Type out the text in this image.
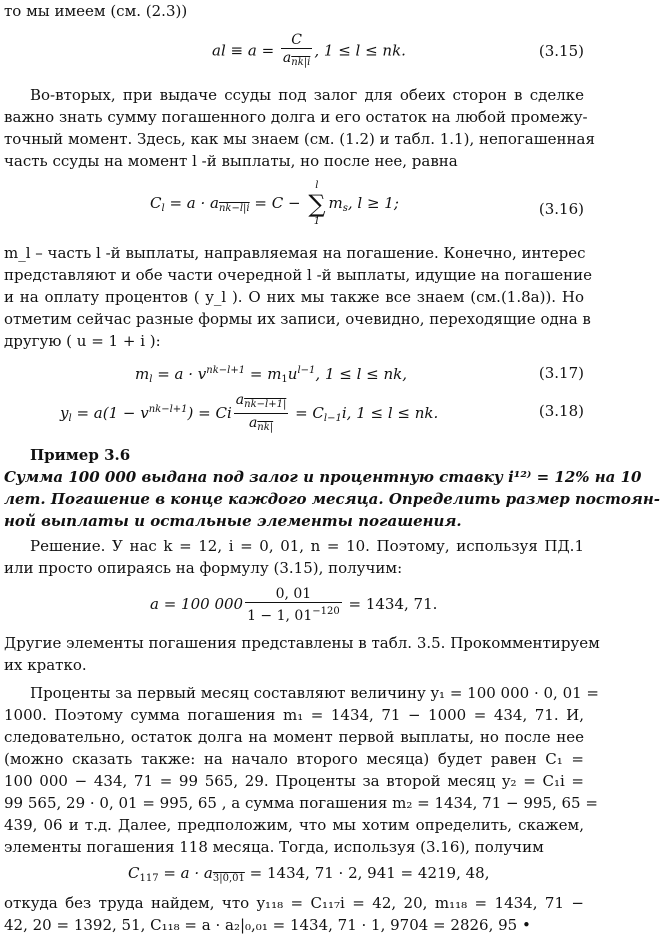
то мы имеем (см. (2.3))
al ≡ $a = \frac{C}{a_{nk|i}}$ , 1 ≤ l ≤ nk.	(3.15)
Во-вторых, при выдаче ссуды под залог для обеих сторон в сделке
важно знать сумму погашенного долга и его остаток на любой промежу-
точный момент. Здесь, как мы знаем (см. (1.2) и табл. 1.1), непогашенная
часть ссуды на момент l -й выплаты, но после нее, равна
$C_l = a \cdot a_{nk-l|i} = C$ −
l
∑
1
$m_s$, l ≥ 1;	(3.16)
m_l – часть l -й выплаты, направляемая на погашение. Конечно, интерес
представляют и обе части очередной l -й выплаты, идущие на погашение
и на оплату процентов ( y_l ). О них мы также все знаем (см.(1.8а)). Но
отметим сейчас разные формы их записи, очевидно, переходящие одна в
другую ( u = 1 + i ):
$m_l = a \cdot v^{nk-l+1} = m_1u^{l-1}$, 1 ≤ l ≤ nk,	(3.17)
$y_l = a(1 - v^{nk-l+1}) = Ci \frac{a_{nk-l+1|}}{a_{nk|}} = C_{l-1}i$, 1 ≤ l ≤ nk.	(3.18)
Пример 3.6
Сумма 100 000 выдана под залог и процентную ставку i¹²⁾ = 12% на 10
лет. Погашение в конце каждого месяца. Определить размер постоян-
ной выплаты и остальные элементы погашения.
Решение. У нас k = 12, i = 0, 01, n = 10. Поэтому, используя ПД.1
или просто опираясь на формулу (3.15), получим:
a = 100 $000 \frac{0, 01}{1 - 1, 01^{-120}} = 1434$, 71.
Другие элементы погашения представлены в табл. 3.5. Прокомментируем
их кратко.
Проценты за первый месяц составляют величину y₁ = 100 000 · 0, 01 =
1000. Поэтому сумма погашения m₁ = 1434, 71 − 1000 = 434, 71. И,
следовательно, остаток долга на момент первой выплаты, но после нее
(можно сказать также: на начало второго месяца) будет равен C₁ =
100 000 − 434, 71 = 99 565, 29. Проценты за второй месяц y₂ = C₁i =
99 565, 29 · 0, 01 = 995, 65 , а сумма погашения m₂ = 1434, 71 − 995, 65 =
439, 06 и т.д. Далее, предположим, что мы хотим определить, скажем,
элементы погашения 118 месяца. Тогда, используя (3.16), получим
$C_{117} = a \cdot a_{3|0,01} = 1434$, 71 · 2, 941 = 4219, 48,
откуда без труда найдем, что y₁₁₈ = C₁₁₇i = 42, 20, m₁₁₈ = 1434, 71 −
42, 20 = 1392, 51, C₁₁₈ = a · a₂|₀,₀₁ = 1434, 71 · 1, 9704 = 2826, 95 •
